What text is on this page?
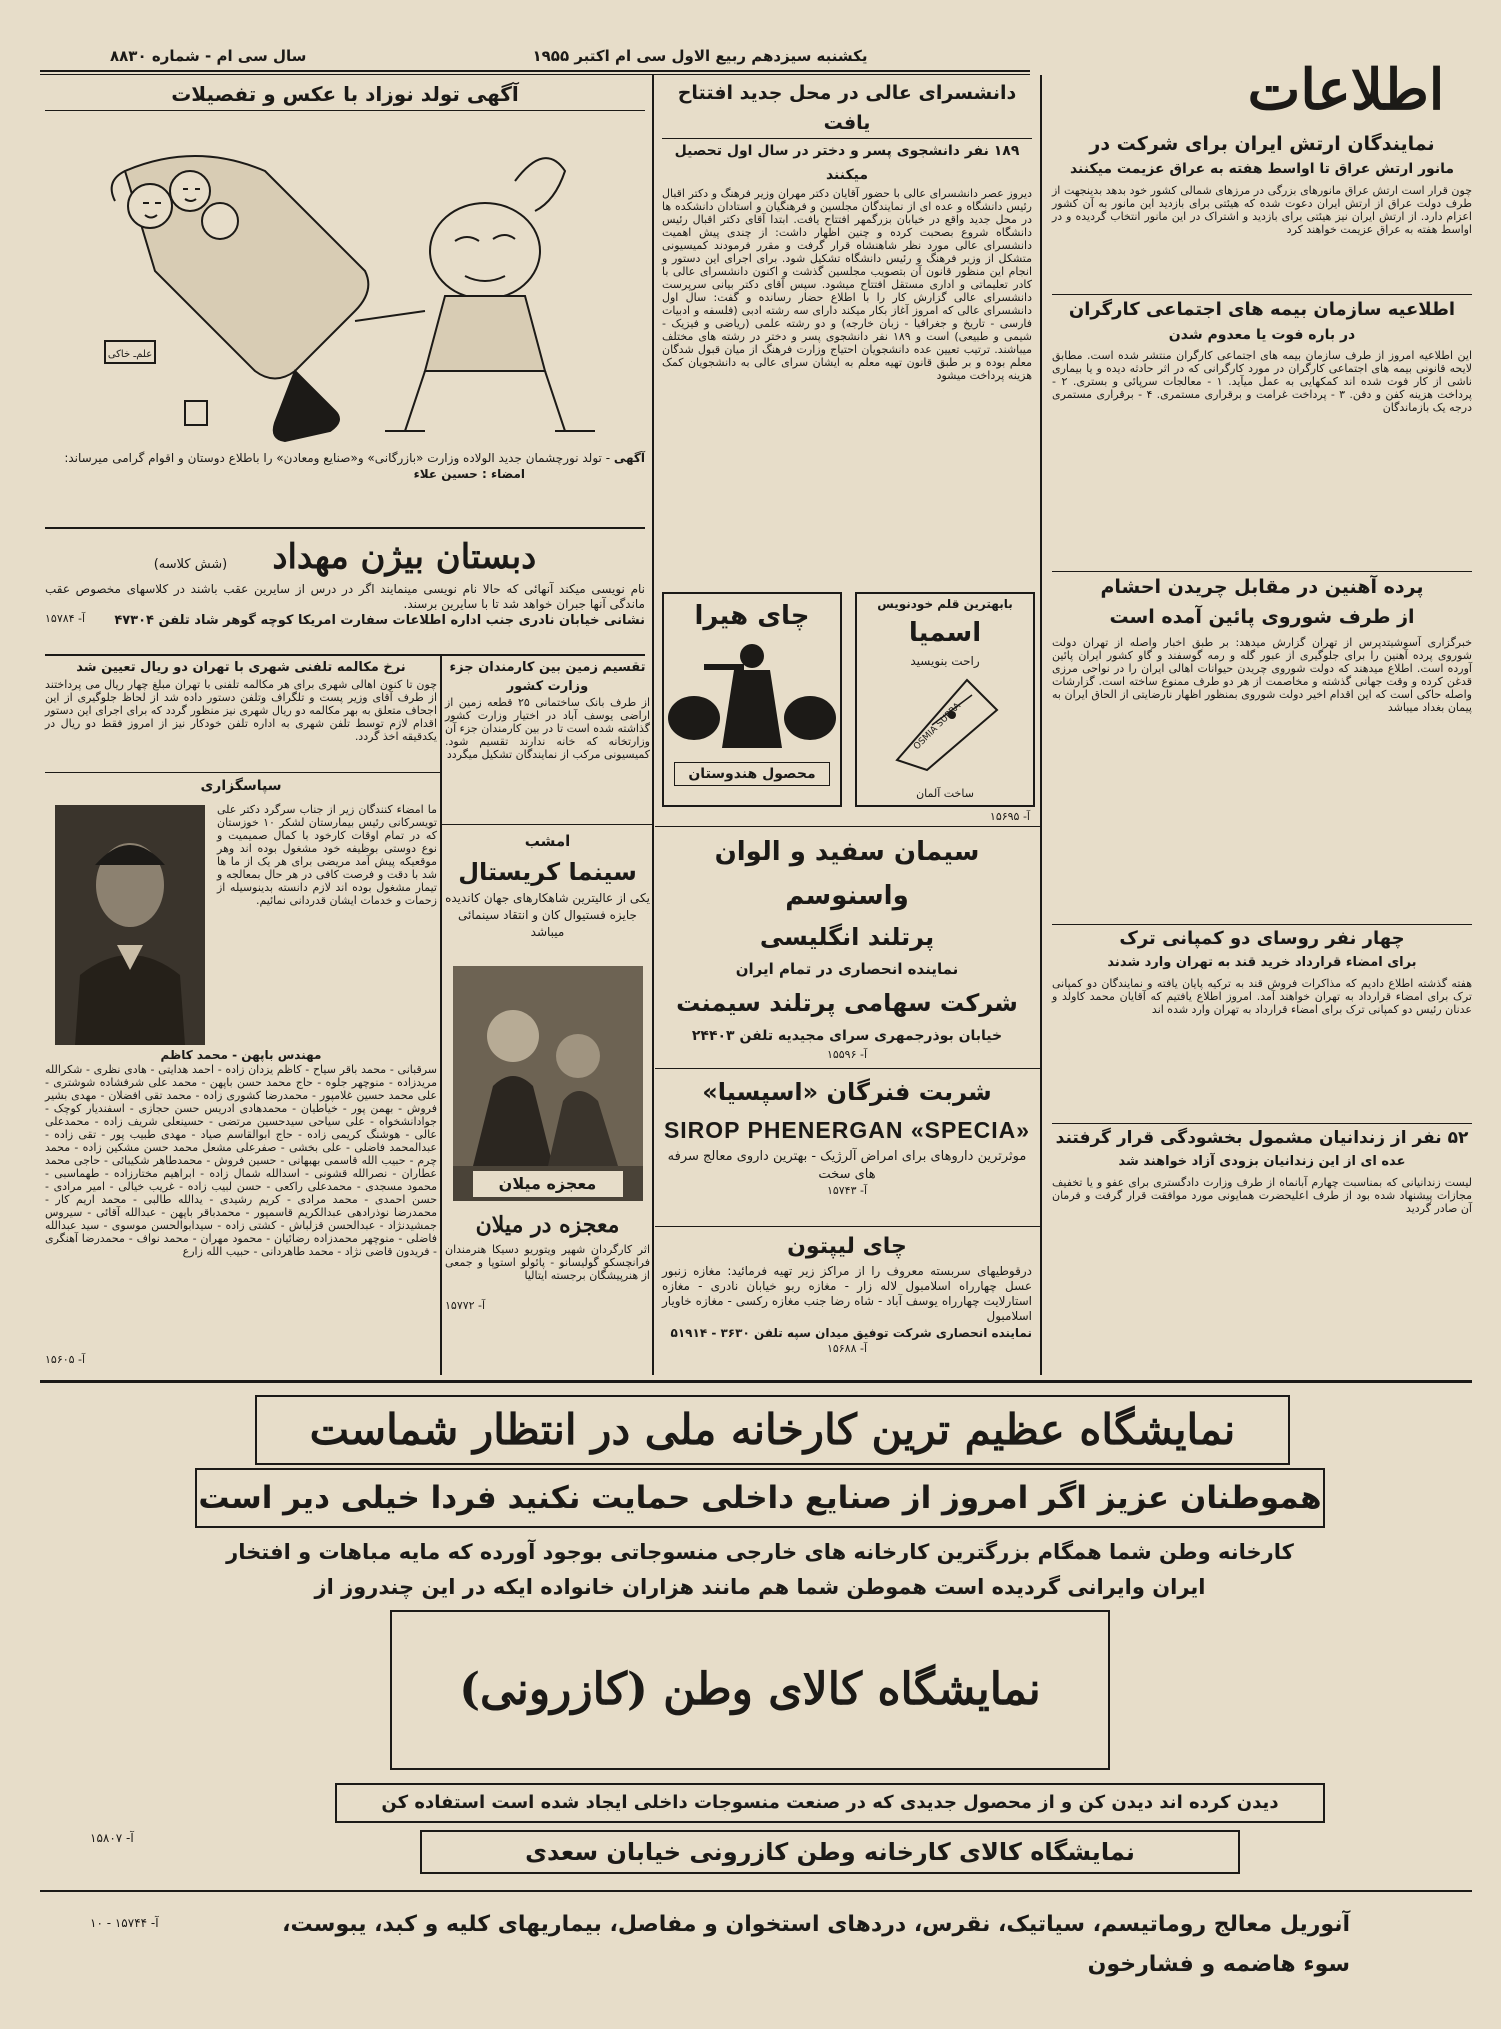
اطلاعات
یکشنبه سیزدهم ربیع الاول سی ام اکتبر ۱۹۵۵
سال سی ام - شماره ۸۸۳۰
نمایندگان ارتش ایران برای شرکت در
مانور ارتش عراق تا اواسط هفته به عراق عزیمت میکنند
چون قرار است ارتش عراق مانورهای بزرگی در مرزهای شمالی کشور خود بدهد بدینجهت از طرف دولت عراق از ارتش ایران دعوت شده که هیئتی برای بازدید این مانور به آن کشور اعزام دارد. از ارتش ایران نیز هیئتی برای بازدید و اشتراک در این مانور انتخاب گردیده و در اواسط هفته به عراق عزیمت خواهند کرد
اطلاعیه سازمان بیمه های اجتماعی کارگران
در باره فوت یا معدوم شدن
این اطلاعیه امروز از طرف سازمان بیمه های اجتماعی کارگران منتشر شده است. مطابق لایحه قانونی بیمه های اجتماعی کارگران در مورد کارگرانی که در اثر حادثه دیده و یا بیماری ناشی از کار فوت شده اند کمکهایی به عمل میآید. ۱ - معالجات سرپائی و بستری. ۲ - پرداخت هزینه کفن و دفن. ۳ - پرداخت غرامت و برقراری مستمری. ۴ - برقراری مستمری درجه یک بازماندگان
پرده آهنین در مقابل چریدن احشام
از طرف شوروی پائین آمده است
خبرگزاری آسوشیتدپرس از تهران گزارش میدهد: بر طبق اخبار واصله از تهران دولت شوروی پرده آهنین را برای جلوگیری از عبور گله و رمه گوسفند و گاو کشور ایران پائین آورده است. اطلاع میدهند که دولت شوروی چریدن حیوانات اهالی ایران را در نواحی مرزی قدغن کرده و وقت جهانی گذشته و مخاصمت از هر دو طرف ممنوع ساخته است. گزارشات واصله حاکی است که این اقدام اخیر دولت شوروی بمنظور اظهار نارضایتی از الحاق ایران به پیمان بغداد میباشد
چهار نفر روسای دو کمپانی ترک
برای امضاء قرارداد خرید قند به تهران وارد شدند
هفته گذشته اطلاع دادیم که مذاکرات فروش قند به ترکیه پایان یافته و نمایندگان دو کمپانی ترک برای امضاء قرارداد به تهران خواهند آمد. امروز اطلاع یافتیم که آقایان محمد کاولد و عدنان رئیس دو کمپانی ترک برای امضاء قرارداد به تهران وارد شده اند
۵۲ نفر از زندانیان مشمول بخشودگی قرار گرفتند
عده ای از این زندانیان بزودی آزاد خواهند شد
لیست زندانیانی که بمناسبت چهارم آبانماه از طرف وزارت دادگستری برای عفو و یا تخفیف مجازات پیشنهاد شده بود از طرف اعلیحضرت همایونی مورد موافقت قرار گرفت و فرمان آن صادر گردید
دانشسرای عالی در محل جدید افتتاح یافت
۱۸۹ نفر دانشجوی پسر و دختر در سال اول تحصیل میکنند
دیروز عصر دانشسرای عالی با حضور آقایان دکتر مهران وزیر فرهنگ و دکتر اقبال رئیس دانشگاه و عده ای از نمایندگان مجلسین و فرهنگیان و استادان دانشکده ها در محل جدید واقع در خیابان بزرگمهر افتتاح یافت. ابتدا آقای دکتر اقبال رئیس دانشگاه شروع بصحبت کرده و چنین اظهار داشت: از چندی پیش اهمیت دانشسرای عالی مورد نظر شاهنشاه قرار گرفت و مقرر فرمودند کمیسیونی متشکل از وزیر فرهنگ و رئیس دانشگاه تشکیل شود. برای اجرای این دستور و انجام این منظور قانون آن بتصویب مجلسین گذشت و اکنون دانشسرای عالی با کادر تعلیماتی و اداری مستقل افتتاح میشود. سپس آقای دکتر بیانی سرپرست دانشسرای عالی گزارش کار را با اطلاع حضار رسانده و گفت: سال اول دانشسرای عالی که امروز آغاز بکار میکند دارای سه رشته ادبی (فلسفه و ادبیات فارسی - تاریخ و جغرافیا - زبان خارجه) و دو رشته علمی (ریاضی و فیزیک - شیمی و طبیعی) است و ۱۸۹ نفر دانشجوی پسر و دختر در رشته های مختلف میباشند. ترتیب تعیین عده دانشجویان احتیاج وزارت فرهنگ از میان قبول شدگان معلم بوده و بر طبق قانون تهیه معلم به ایشان سرای عالی به دانشجویان کمک هزینه پرداخت میشود
آگهی تولد نوزاد با عکس و تفصیلات
علم‌ـ خاکی
آگهی - تولد نورچشمان جدید الولاده وزارت «بازرگانی» و«صنایع ومعادن» را باطلاع دوستان و اقوام گرامی میرساند:
امضاء : حسین علاء
دبستان بیژن مهداد (شش کلاسه)
نام نویسی میکند آنهائی که حالا نام نویسی مینمایند اگر در درس از سایرین عقب باشند در کلاسهای مخصوص عقب ماندگی آنها جبران خواهد شد تا با سایرین برسند.
نشانی خیابان نادری جنب اداره اطلاعات سفارت امریکا کوچه گوهر شاد تلفن ۴۷۳۰۴
آ- ۱۵۷۸۴
نرخ مکالمه تلفنی شهری با تهران دو ریال تعیین شد
چون تا کنون اهالی شهری برای هر مکالمه تلفنی با تهران مبلغ چهار ریال می پرداختند از طرف آقای وزیر پست و تلگراف وتلفن دستور داده شد از لحاظ جلوگیری از این اجحاف متعلق به بهر مکالمه دو ریال شهری نیز منظور گردد که برای اجرای این دستور اقدام لازم توسط تلفن شهری به اداره تلفن خودکار نیز از امروز فقط دو ریال در یکدقیقه اخذ گردد.
تقسیم زمین بین کارمندان جزء
وزارت کشور
از طرف بانک ساختمانی ۲۵ قطعه زمین از اراضی یوسف آباد در اختیار وزارت کشور گذاشته شده است تا در بین کارمندان جزء آن وزارتخانه که خانه ندارند تقسیم شود. کمیسیونی مرکب از نمایندگان تشکیل میگردد
سپاسگزاری
ما امضاء کنندگان زیر از جناب سرگرد دکتر علی تویسرکانی رئیس بیمارستان لشکر ۱۰ خوزستان که در تمام اوقات کارخود با کمال صمیمیت و نوع دوستی بوظیفه خود مشغول بوده اند وهر موقعیکه پیش آمد مریضی برای هر یک از ما ها شد با دقت و فرصت کافی در هر حال بمعالجه و تیمار مشغول بوده اند لازم دانسته بدینوسیله از زحمات و خدمات ایشان قدردانی نمائیم.
مهندس باپهن - محمد کاظم
سرقبانی - محمد باقر سیاح - کاظم یزدان زاده - احمد هدایتی - هادی نظری - شکرالله مریدزاده - منوچهر جلوه - حاج محمد حسن باپهن - محمد علی شرفشاده شوشتری - علی محمد حسین غلامپور - محمدرضا کشوری زاده - محمد تقی افضلان - مهدی بشیر فروش - بهمن پور - خیاطیان - محمدهادی ادریس حسن حجازی - اسفندیار کوچک - جوادانشخواه - علی سیاحی سیدحسین مرتضی - حسینعلی شریف زاده - محمدعلی عالی - هوشنگ کریمی زاده - حاج ابوالقاسم صیاد - مهدی طبیب پور - تقی زاده - عبدالمحمد فاضلی - علی بخشی - صفرعلی مشعل محمد حسن مشکین زاده - محمد چرم - حبیب الله قاسمی بهبهانی - حسین فروش - محمدطاهر شکیبائی - حاجی محمد عطاران - نصرالله قشونی - اسدالله شمال زاده - ابراهیم مختارزاده - طهماسبی - محمود مسجدی - محمدعلی راکعی - حسن لبیب زاده - غریب خیالی - امیر مرادی - حسن احمدی - محمد مرادی - کریم رشیدی - یدالله طالبی - محمد اریم کار - محمدرضا نوذرادهی عبدالکریم قاسمپور - محمدباقر باپهن - عبدالله آقائی - سیروس جمشیدنژاد - عبدالحسن قزلباش - کشتی زاده - سیدابوالحسن موسوی - سید عبدالله فاضلی - منوچهر محمدزاده رضائیان - محمود مهران - محمد نواف - محمدرضا آهنگری - فریدون قاضی نژاد - محمد طاهردانی - حبیب الله زارع
آ- ۱۵۶۰۵
امشب
سینما کریستال
یکی از عالیترین شاهکارهای جهان کاندیده جایزه فستیوال کان و انتقاد سینمائی میباشد
معجزه میلان
معجزه در میلان
اثر کارگردان شهیر ویتوریو دسیکا هنرمندان فرانچسکو گولیسانو - پائولو استوپا و جمعی از هنرپیشگان برجسته ایتالیا
آ- ۱۵۷۷۲
چای هیرا
محصول هندوستان
بابهترین قلم خودنویس
اسمیا
راحت بنویسید
OSMIA SUPRA
ساخت آلمان
آ- ۱۵۶۹۵
سیمان سفید و الوان واسنوسم
پرتلند انگلیسی
نماینده انحصاری در تمام ایران
شرکت سهامی پرتلند سیمنت
خیابان بوذرجمهری سرای مجیدیه تلفن ۲۴۴۰۳
آ- ۱۵۵۹۶
شربت فنرگان «اسپسیا»
SIROP PHENERGAN «SPECIA»
موثرترین داروهای برای امراض آلرژیک - بهترین داروی معالج سرفه های سخت
آ- ۱۵۷۴۳
چای لیپتون
درقوطیهای سربسته معروف را از مراکز زیر تهیه فرمائید: مغازه زنبور عسل چهارراه اسلامبول لاله زار - مغازه ربو خیابان نادری - مغازه استارلایت چهارراه یوسف آباد - شاه رضا جنب مغازه رکسی - مغازه خاویار اسلامبول
نماینده انحصاری شرکت توفیق میدان سپه تلفن ۳۶۳۰ - ۵۱۹۱۴
آ- ۱۵۶۸۸
نمایشگاه عظیم ترین کارخانه ملی در انتظار شماست
هموطنان عزیز اگر امروز از صنایع داخلی حمایت نکنید فردا خیلی دیر است
کارخانه وطن شما همگام بزرگترین کارخانه های خارجی منسوجاتی بوجود آورده که مایه مباهات و افتخار
ایران وایرانی گردیده است هموطن شما هم مانند هزاران خانواده ایکه در این چندروز از
نمایشگاه کالای وطن (کازرونی)
دیدن کرده اند دیدن کن و از محصول جدیدی که در صنعت منسوجات داخلی ایجاد شده است استفاده کن
نمایشگاه کالای کارخانه وطن کازرونی خیابان سعدی
آ- ۱۵۸۰۷
آنوریل معالج روماتیسم، سیاتیک، نقرس، دردهای استخوان و مفاصل، بیماریهای کلیه و کبد، یبوست، سوء هاضمه و فشارخون
آ- ۱۵۷۴۴ - ۱۰
